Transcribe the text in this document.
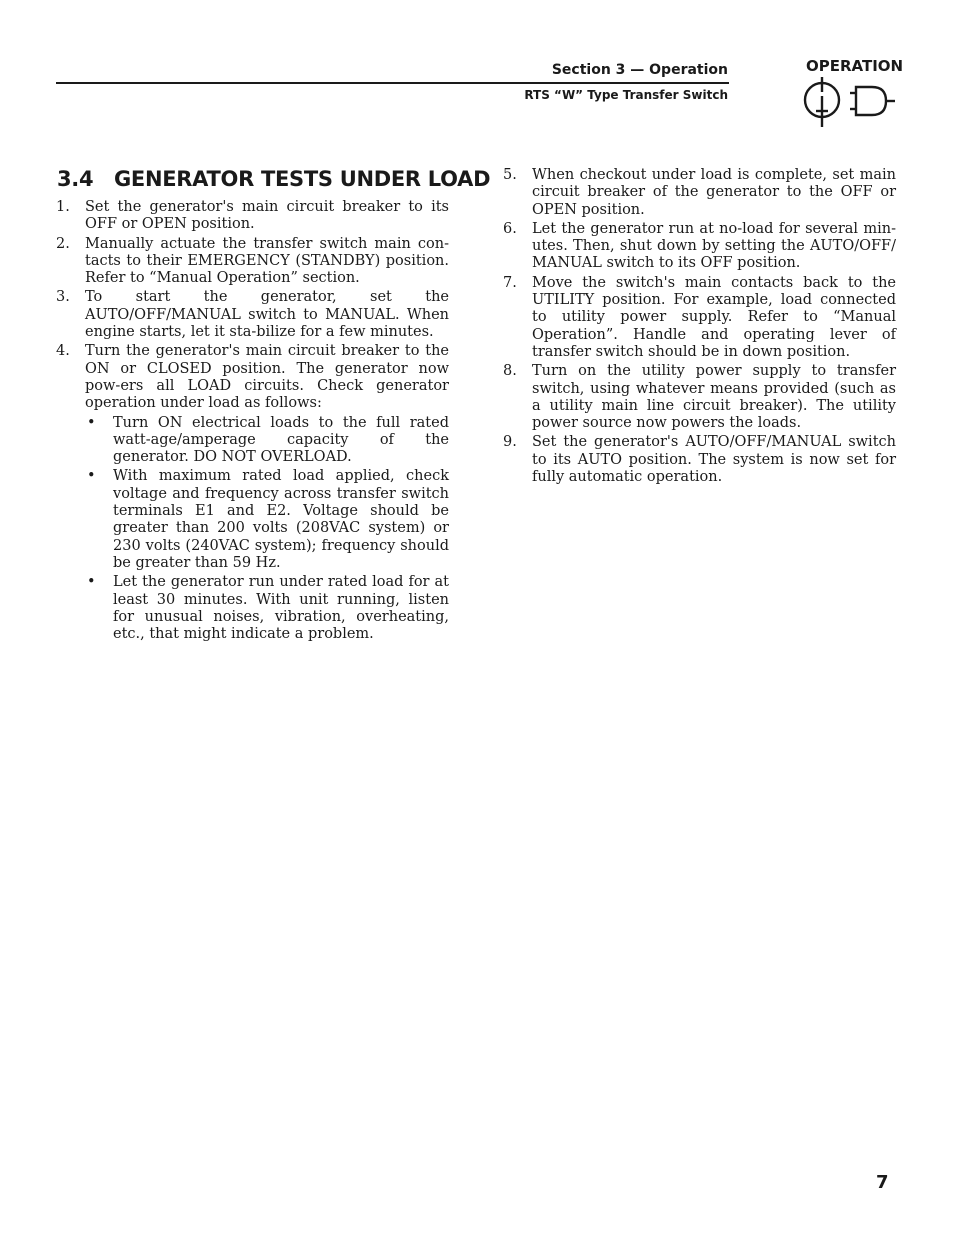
Section 3 — Operation
RTS “W” Type Transfer Switch
OPERATION
3.4 GENERATOR TESTS UNDER LOAD
1. Set the generator's main circuit breaker to its OFF or OPEN position.
2. Manually actuate the transfer switch main con-tacts to their EMERGENCY (STANDBY) position. Refer to “Manual Operation” section.
3. To start the generator, set the AUTO/OFF/MANUAL switch to MANUAL. When engine starts, let it sta-bilize for a few minutes.
4. Turn the generator's main circuit breaker to the ON or CLOSED position. The generator now pow-ers all LOAD circuits. Check generator operation under load as follows:
• Turn ON electrical loads to the full rated watt-age/amperage capacity of the generator. DO NOT OVERLOAD.
• With maximum rated load applied, check voltage and frequency across transfer switch terminals E1 and E2. Voltage should be greater than 200 volts (208VAC system) or 230 volts (240VAC system); frequency should be greater than 59 Hz.
• Let the generator run under rated load for at least 30 minutes. With unit running, listen for unusual noises, vibration, overheating, etc., that might indicate a problem.
5. When checkout under load is complete, set main circuit breaker of the generator to the OFF or OPEN position.
6. Let the generator run at no-load for several min-utes. Then, shut down by setting the AUTO/OFF/ MANUAL switch to its OFF position.
7. Move the switch's main contacts back to the UTILITY position. For example, load connected to utility power supply. Refer to “Manual Operation”. Handle and operating lever of transfer switch should be in down position.
8. Turn on the utility power supply to transfer switch, using whatever means provided (such as a utility main line circuit breaker). The utility power source now powers the loads.
9. Set the generator's AUTO/OFF/MANUAL switch to its AUTO position. The system is now set for fully automatic operation.
7
